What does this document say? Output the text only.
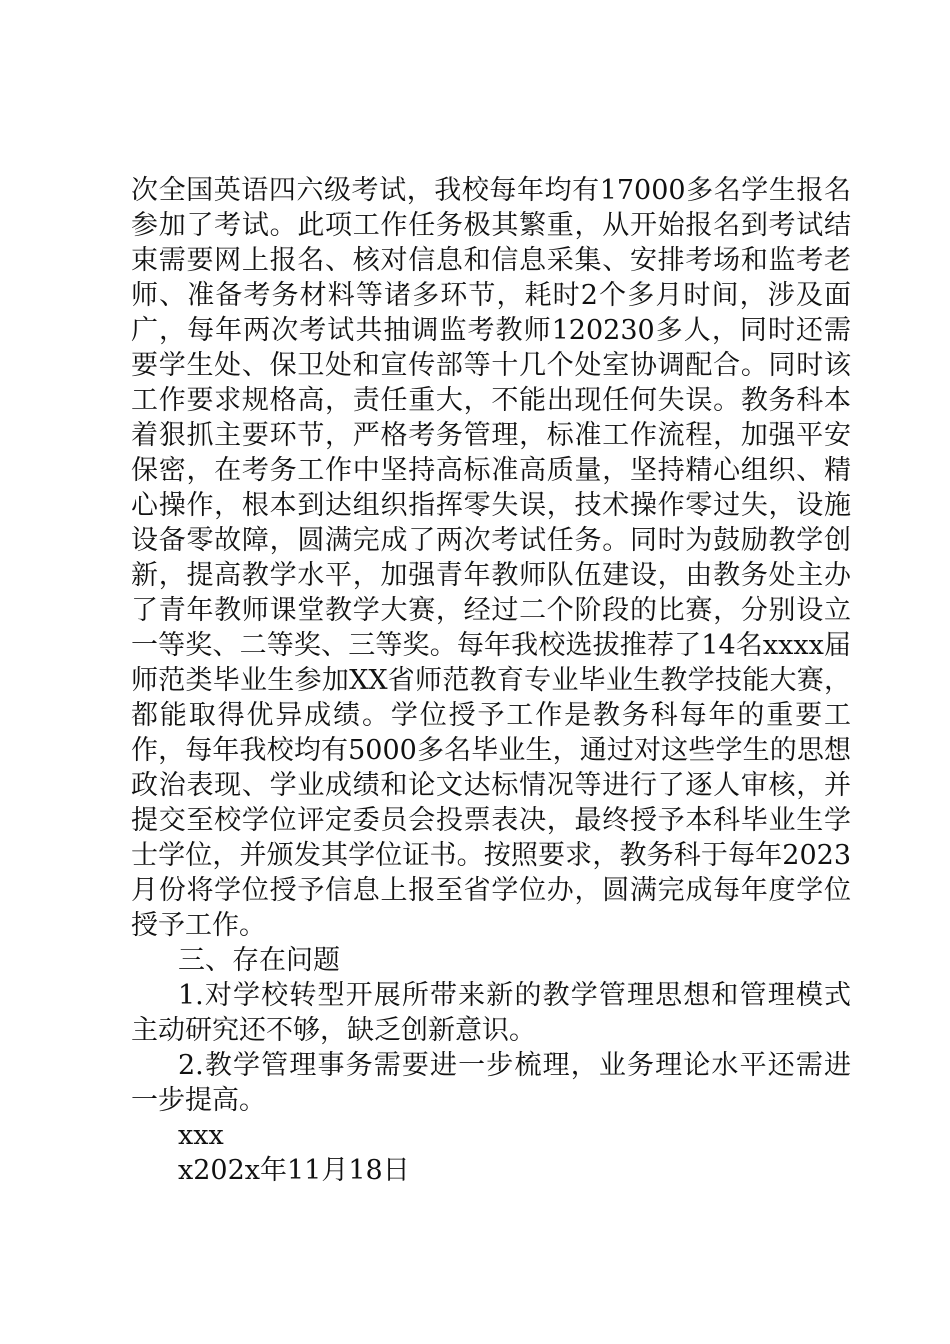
次全国英语四六级考试，我校每年均有17000多名学生报名参加了考试。此项工作任务极其繁重，从开始报名到考试结束需要网上报名、核对信息和信息采集、安排考场和监考老师、准备考务材料等诸多环节，耗时2个多月时间，涉及面广，每年两次考试共抽调监考教师120230多人，同时还需要学生处、保卫处和宣传部等十几个处室协调配合。同时该工作要求规格高，责任重大，不能出现任何失误。教务科本着狠抓主要环节，严格考务管理，标准工作流程，加强平安保密，在考务工作中坚持高标准高质量，坚持精心组织、精心操作，根本到达组织指挥零失误，技术操作零过失，设施设备零故障，圆满完成了两次考试任务。同时为鼓励教学创新，提高教学水平，加强青年教师队伍建设，由教务处主办了青年教师课堂教学大赛，经过二个阶段的比赛，分别设立一等奖、二等奖、三等奖。每年我校选拔推荐了14名xxxx届师范类毕业生参加XX省师范教育专业毕业生教学技能大赛，都能取得优异成绩。学位授予工作是教务科每年的重要工作，每年我校均有5000多名毕业生，通过对这些学生的思想政治表现、学业成绩和论文达标情况等进行了逐人审核，并提交至校学位评定委员会投票表决，最终授予本科毕业生学士学位，并颁发其学位证书。按照要求，教务科于每年2023月份将学位授予信息上报至省学位办，圆满完成每年度学位授予工作。

三、存在问题

1.对学校转型开展所带来新的教学管理思想和管理模式主动研究还不够，缺乏创新意识。

2.教学管理事务需要进一步梳理，业务理论水平还需进一步提高。

xxx

x202x年11月18日
